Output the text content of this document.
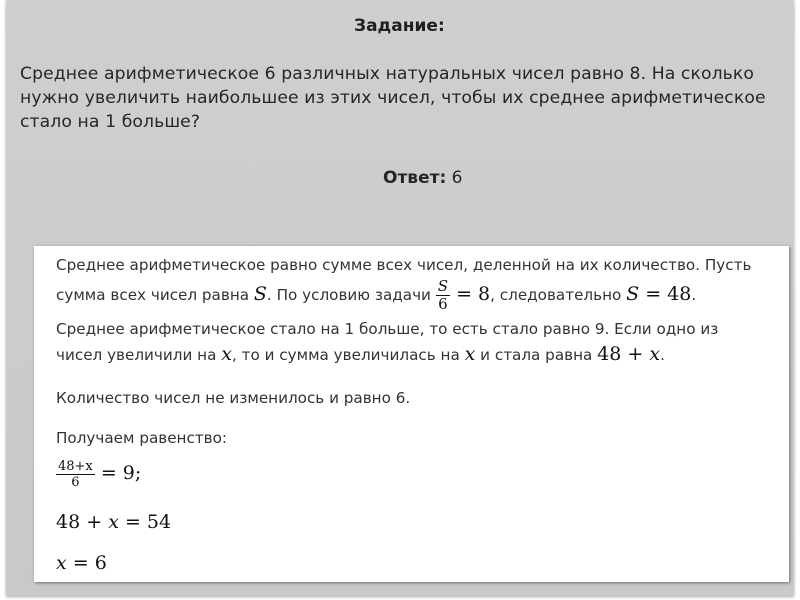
Задание:
Среднее арифметическое 6 различных натуральных чисел равно 8. На сколько нужно увеличить наибольшее из этих чисел, чтобы их среднее арифметическое стало на 1 больше?
Ответ: 6
Среднее арифметическое равно сумме всех чисел, деленной на их количество. Пусть
сумма всех чисел равна S. По условию задачи $\frac{S}{6} = 8$, следовательно S = 48.
Среднее арифметическое стало на 1 больше, то есть стало равно 9. Если одно из
чисел увеличили на x, то и сумма увеличилась на x и стала равна 48 + x.
Количество чисел не изменилось и равно 6.
Получаем равенство:
$\frac{48+x}{6} = 9$;
48 + x = 54
x = 6
